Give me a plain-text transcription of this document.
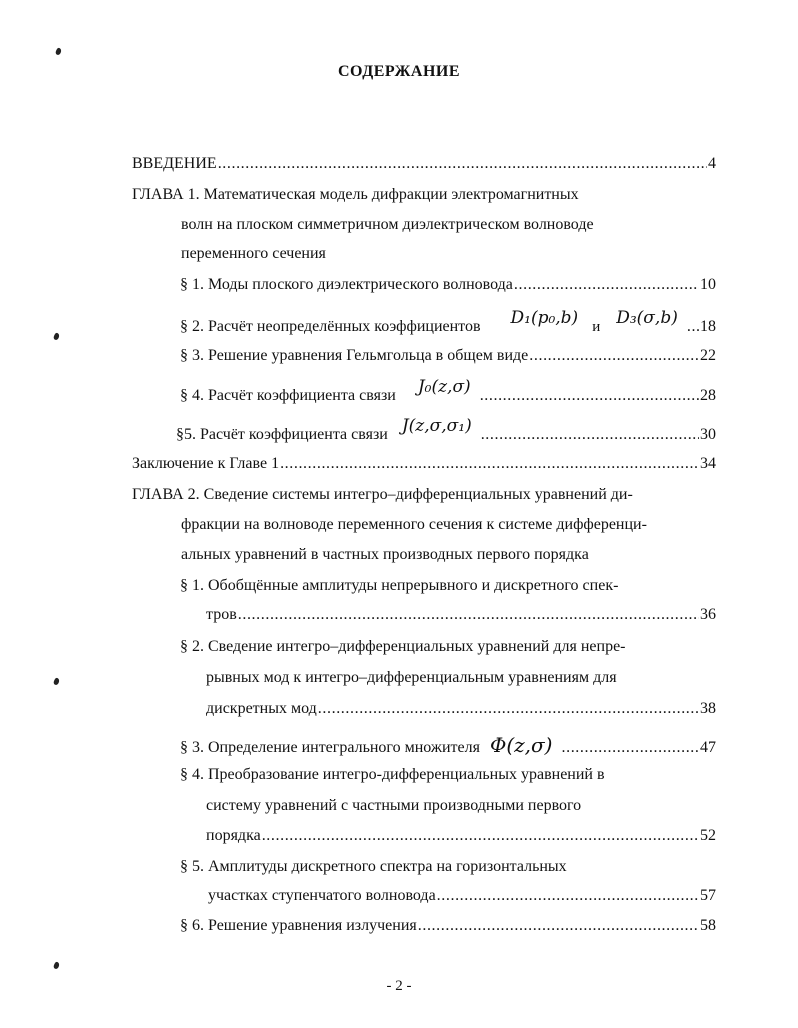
СОДЕРЖАНИЕ
ВВЕДЕНИЕ .....	4
ГЛАВА 1. Математическая модель дифракции электромагнитных
волн на плоском симметричном диэлектрическом волноводе
переменного сечения
§ 1. Моды плоского диэлектрического волновода .....	10
§ 2. Расчёт неопределённых коэффициентов D₁(p₀,b) и D₃(σ,b) ..... 18
§ 3. Решение уравнения Гельмгольца в общем виде .....	22
§ 4. Расчёт коэффициента связи J₀(z,σ) .....	28
§5. Расчёт коэффициента связи J(z,σ,σ₁) .....	30
Заключение к Главе 1 .....	34
ГЛАВА 2. Сведение системы интегро–дифференциальных уравнений ди-
фракции на волноводе переменного сечения к системе дифференци-
альных уравнений в частных производных первого порядка
§ 1. Обобщённые амплитуды непрерывного и дискретного спек-
тров .....	36
§ 2. Сведение интегро–дифференциальных уравнений для непре-
рывных мод к интегро–дифференциальным уравнениям для
дискретных мод .....	38
§ 3. Определение интегрального множителя Φ(z,σ) .....	47
§ 4. Преобразование интегро-дифференциальных уравнений в
систему уравнений с частными производными первого
порядка .....	52
§ 5. Амплитуды дискретного спектра на горизонтальных
участках ступенчатого волновода .....	57
§ 6. Решение уравнения излучения .....	58
- 2 -
